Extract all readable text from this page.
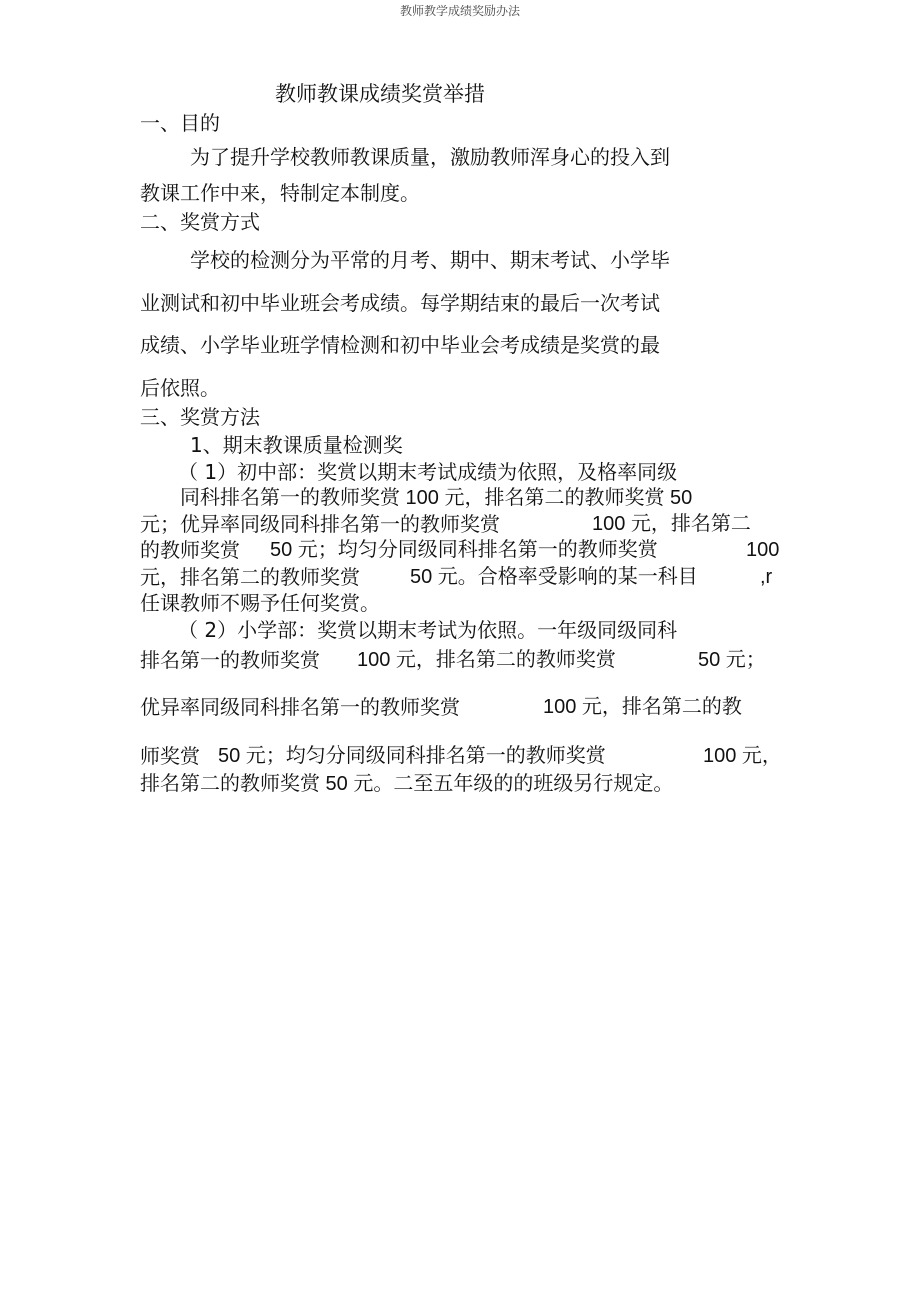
教师教学成绩奖励办法
教师教课成绩奖赏举措
一、目的
为了提升学校教师教课质量，激励教师浑身心的投入到
教课工作中来，特制定本制度。
二、奖赏方式
学校的检测分为平常的月考、期中、期末考试、小学毕
业测试和初中毕业班会考成绩。每学期结束的最后一次考试
成绩、小学毕业班学情检测和初中毕业会考成绩是奖赏的最
后依照。
三、奖赏方法
1、期末教课质量检测奖
（ 1）初中部：奖赏以期末考试成绩为依照，及格率同级
同科排名第一的教师奖赏 100 元，排名第二的教师奖赏 50
元；优异率同级同科排名第一的教师奖赏	100 元，排名第二
的教师奖赏 50 元；均匀分同级同科排名第一的教师奖赏	100
元，排名第二的教师奖赏	50 元。合格率受影响的某一科目	,r
任课教师不赐予任何奖赏。
（ 2）小学部：奖赏以期末考试为依照。一年级同级同科
排名第一的教师奖赏 100 元，排名第二的教师奖赏	50 元；
优异率同级同科排名第一的教师奖赏	100 元，排名第二的教
师奖赏 50 元；均匀分同级同科排名第一的教师奖赏	100 元，
排名第二的教师奖赏 50 元。二至五年级的的班级另行规定。
